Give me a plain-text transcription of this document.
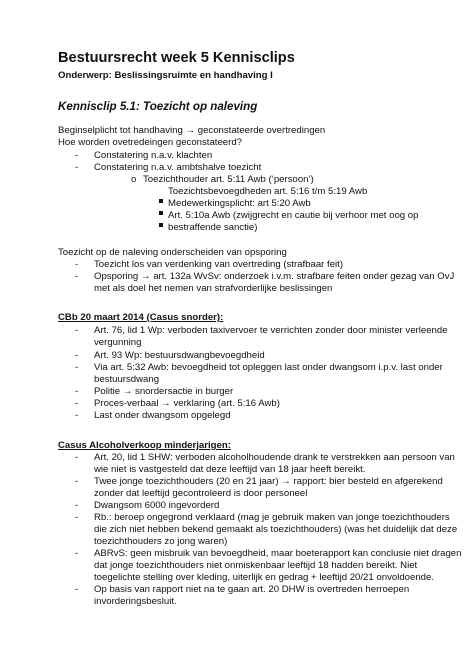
Bestuursrecht week 5 Kennisclips
Onderwerp: Beslissingsruimte en handhaving I
Kennisclip 5.1: Toezicht op naleving
Beginselplicht tot handhaving → geconstateerde overtredingen
Hoe worden ovetredeingen geconstateerd?
- Constatering n.a.v. klachten
- Constatering n.a.v. ambtshalve toezicht
o Toezichthouder art. 5:11 Awb (‘persoon’)
Toezichtsbevoegdheden art. 5:16 t/m 5:19 Awb
Medewerkingsplicht: art 5:20 Awb
Art. 5:10a Awb (zwijgrecht en cautie bij verhoor met oog op
bestraffende sanctie)
Toezicht op de naleving onderscheiden van opsporing
- Toezicht los van verdenking van overtreding (strafbaar feit)
- Opsporing → art. 132a WvSv: onderzoek i.v.m. strafbare feiten onder gezag van OvJ
met als doel het nemen van strafvorderlijke beslissingen
CBb 20 maart 2014 (Casus snorder):
- Art. 76, lid 1 Wp: verboden taxivervoer te verrichten zonder door minister verleende
vergunning
- Art. 93 Wp: bestuursdwangbevoegdheid
- Via art. 5:32 Awb: bevoegdheid tot opleggen last onder dwangsom i.p.v. last onder
bestuursdwang
- Politie → snordersactie in burger
- Proces-verbaal → verklaring (art. 5:16 Awb)
- Last onder dwangsom opgelegd
Casus Alcoholverkoop minderjarigen:
- Art. 20, lid 1 SHW: verboden alcoholhoudende drank te verstrekken aan persoon van
wie niet is vastgesteld dat deze leeftijd van 18 jaar heeft bereikt.
- Twee jonge toezichthouders (20 en 21 jaar) → rapport: bier besteld en afgerekend
zonder dat leeftijd gecontroleerd is door personeel
- Dwangsom 6000 ingevorderd
- Rb.: beroep ongegrond verklaard (mag je gebruik maken van jonge toezichthouders
die zich niet hebben bekend gemaakt als toezichthouders) (was het duidelijk dat deze
toezichthouders zo jong waren)
- ABRvS: geen misbruik van bevoegdheid, maar boeterapport kan conclusie niet dragen
dat jonge toezichthouders niet onmiskenbaar leeftijd 18 hadden bereikt. Niet
toegelichte stelling over kleding, uiterlijk en gedrag + leeftijd 20/21 onvoldoende.
- Op basis van rapport niet na te gaan art. 20 DHW is overtreden herroepen
invorderingsbesluit.
